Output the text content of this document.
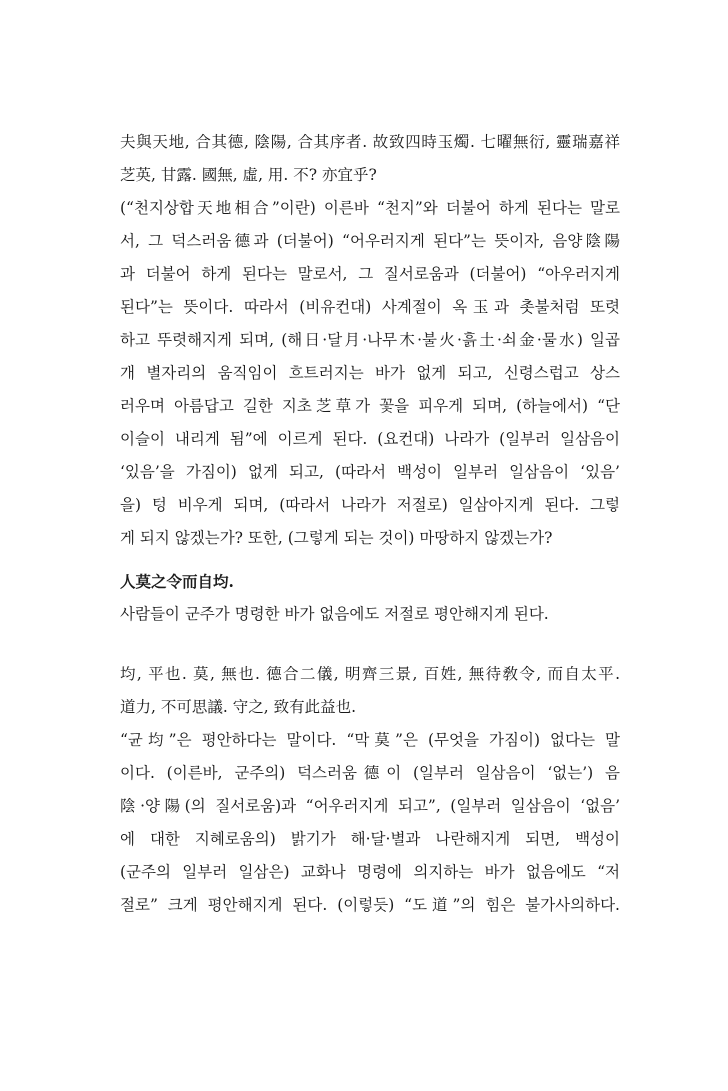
夫與天地, 合其德, 陰陽, 合其序者. 故致四時玉燭. 七曜無衍, 靈瑞嘉祥
芝英, 甘露. 國無, 虛, 用. 不? 亦宜乎?
(“천지상합天地相合”이란) 이른바 “천지”와 더불어 하게 된다는 말로
서, 그 덕스러움德과 (더불어) “어우러지게 된다”는 뜻이자, 음양陰陽
과 더불어 하게 된다는 말로서, 그 질서로움과 (더불어) “아우러지게
된다”는 뜻이다. 따라서 (비유컨대) 사계절이 옥玉과 촛불처럼 또렷
하고 뚜렷해지게 되며, (해日·달月·나무木·불火·흙土·쇠金·물水) 일곱
개 별자리의 움직임이 흐트러지는 바가 없게 되고, 신령스럽고 상스
러우며 아름답고 길한 지초芝草가 꽃을 피우게 되며, (하늘에서) “단
이슬이 내리게 됨”에 이르게 된다. (요컨대) 나라가 (일부러 일삼음이
‘있음’을 가짐이) 없게 되고, (따라서 백성이 일부러 일삼음이 ‘있음’
을) 텅 비우게 되며, (따라서 나라가 저절로) 일삼아지게 된다. 그렇
게 되지 않겠는가? 또한, (그렇게 되는 것이) 마땅하지 않겠는가?
人莫之令而自均.
사람들이 군주가 명령한 바가 없음에도 저절로 평안해지게 된다.
均, 平也. 莫, 無也. 德合二儀, 明齊三景, 百姓, 無待敎令, 而自太平.
道力, 不可思議. 守之, 致有此益也.
“균均”은 평안하다는 말이다. “막莫”은 (무엇을 가짐이) 없다는 말
이다. (이른바, 군주의) 덕스러움德이 (일부러 일삼음이 ‘없는’) 음
陰·양陽(의 질서로움)과 “어우러지게 되고”, (일부러 일삼음이 ‘없음’
에 대한 지혜로움의) 밝기가 해·달·별과 나란해지게 되면, 백성이
(군주의 일부러 일삼은) 교화나 명령에 의지하는 바가 없음에도 “저
절로” 크게 평안해지게 된다. (이렇듯) “도道”의 힘은 불가사의하다.
